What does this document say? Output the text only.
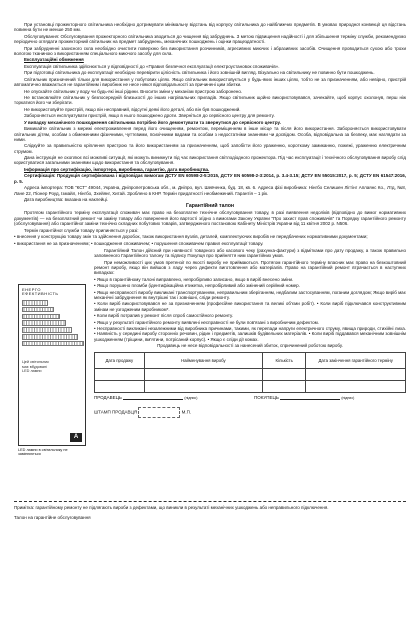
При установці прожекторного світильника необхідно дотримувати мінімальну відстань від корпусу світильника до найближчих предметів. В умовах природної конвекції ця відстань повинна бути не менше 250 мм.

Обслуговування: Обслуговування прожекторного світильника зводиться до чищення від забруднень. З метою підвищення надійності і для збільшення терміну служби, рекомендуємо періодично оглядати прожекторний світильник на предмет забруднень, механічних пошкоджень і оцінки працездатності.

При забрудненні захисного скла необхідно очистити поверхню без використання розчинників, агресивних миючих і абразивних засобів. Очищення проводиться сухою або трохи вологою тканиною з використанням спеціального миючого засобу для скла.

Експлуатаційні обмеження

Експлуатація світильника здійснюється у відповідності до «Правил безпечної експлуатації електроустановок споживачів».

При підготовці світильника до експлуатації необхідно перевірити цілісність світильника і його зовнішній вигляд. Візуально на світильнику не повинно бути пошкоджень.

Світильник призначений тільки для використання у побутових цілях. Якщо світильник використовується у будь-яких інших цілях, тобто не за призначенням, або невірно, пристрій автоматично вважається не гарантійним і виробник не несе ніякої відповідальності за причинені цим збитки.

Не опускайте світильник у воду чи будь-які інші рідини. Вносити зміни у механізм пристрою заборонено.

Не встановлюйте світильник у безпосередній близькості до інших нагрівальних приладів. Якщо світильник щойно використовувався, зачекайте, щоб корпус охолонув, перш ніж торкатися його чи зберігати.

Не використовуйте пристрій, якщо він несправний, відсутні деякі його деталі, або він був пошкоджений.

Забороняється експлуатувати пристрій, якщо в нього пошкоджено дроти. Зверніться до сервісного центру для ремонту.

У випадку механічного пошкодження світильника потрібно його демонтувати та звернутися до сервісного центру.

Вимикайте світильник з мережі електроживлення перед його очищенням, ремонтом, переміщенням в інше місце та після його використання. Забороняється використовувати світильник дітям, особам з обмеженими фізичними, чуттєвими, психічними вадами та особам з недостатніми знаннями чи досвідом. Особа, відповідальна за безпеку, має наглядати за ними.

Слідкуйте за правильністю кріплення пристрою та його використанням за призначенням, щоб запобігти його ураженню, короткому замиканню, пожежі, ураженню електричним струмом.

Дана інструкція не охоплює всі можливі ситуації, які можуть виникнути під час використання світлодіодного прожектора. Під час експлуатації і технічного обслуговування виробу слід користуватися загальними знаннями щодо використання та обслуговування.

Інформація про сертифікацію, імпортера, виробника, гарантію, дата виробництва.

Сертифікація: Продукція сертифікована і відповідає вимогам ДСТУ EN 60598-2-5:2015, ДСТУ EN 60598-2-3:2014, р. 3.4-3.15; ДСТУ EN 55015:2017, р. 5; ДСТУ EN 61547:2016, р. 5.

Адреса імпортера: ТОВ "КСТ" 49044, Україна, Дніпропетровська обл., м. Дніпро, вул. Шевченка, буд. 18, кв. 6. Адреса фізі виробника: Нінгбо Селишен Лігтінг Аплаянс Ко., Лтд, №8, Лане 22, Піонер Роуд, Ізмайл, Нінгбо, Зхейянг, Хитай. Зроблено в КНР. Термін придатності необмежений. Гарантія – 1 рік.

Дата виробництва: вказана на наклейці.

Гарантійний талон

Протягом гарантійного терміну експлуатації споживач має право на безоплатне технічне обслуговування товару, в разі виявлення недоліків (відповідно до вимог нормативних документів) — на безоплатний ремонт чи заміну товару або повернення його вартості згідно з вимогами Закону України "Про захист прав споживачів" та Порядку гарантійного ремонту (обслуговування) або гарантійної заміни технічно складних побутових товарів, затвердженого постановою Кабінету Міністрів України від 11 квітня 2002 р. N506.

Термін гарантійної служби товару припиняється у разі:

• внесення у конструкцію товару змін та здійснення доробок, також використання вузлів, деталей, комплектуючих виробів не передбачених нормативними документами;

• використання не за призначенням; • пошкодження споживачем; • порушення споживачем правил експлуатації товару.

ЕНЕРГО
ЕФЕКТИВНІСТЬ
Цей світильник
має вбудовані
LED лампи
A
LED лампи в світильнику не замінюються

Гарантійний Талон дійсний при наявності товарного або касового чеку (рахунка-фактури) з відмітками про дату продажу, а також правильно заповненого Гарантійного талону та підпису Покупця про прийняття ним гарантійних умов.

При неможливості цих умов претензії по якості виробу не приймаються. Протягом гарантійного терміну власник має право на безкоштовний ремонт виробу, якщо він вийшов з ладу через дефекти виготовлення або матеріалів. Право на гарантійний ремонт втрачається в наступних випадках:

• Якщо в гарантійному талоні виправлено, непробірливо записано, якщо в виріб внесено зміни.

• Якщо порушено пломби (ідентифікаційна етикетка, непробірливий або змінений серійний номер.

• Якщо несправності виробу викликані транспортуванням, неправильним зберіганням, недбалим застосуванням, поганим доглядом; Якщо виріб має механічні забруднення як внутрішні так і зовнішні, сліди ремонту.

• Коли виріб використовувався не за призначенням (професійне використання та великі об'єми робіт). • Коли виріб підключався конструктивним змінам не узгодженим виробником*.

• Коли виріб потрапив у ремонт після спроб самостійного ремонту.

• Якщо у результаті гарантійного ремонту виявлені несправності не були пов'язані з виробничим дефектом.

• Несправності викликані незалежними від виробника причинами, такими, як перепади напруги електричного струму, явища природи, стихійні лиха. • Наявність у середині виробу сторонніх речовин, рідин і предметів, залишків будівельних матеріалів. • Коли виріб піддавався механічним зовнішнім ушкодженням (тріщини, вм'ятини, потрісаний корпус). • Якщо є сліди дії комах.

Продавець не несе відповідальності за нанесений збиток, спричинений роботою виробу.

Дата продажу	Найменування виробу	Кількість	Дата закінчення гарантійного терміну

ПРОДАВЕЦЬ	(підпис)	ПОКУПЕЦЬ	(підпис)
ШТАМП ПРОДАВЦЯ	М.П.

Примітка: гарантійному ремонту не підлягають вироби з дефектами, що виникли в результаті механічних ушкоджень або неправильного підключення.

Талон на гарантійне обслуговування
